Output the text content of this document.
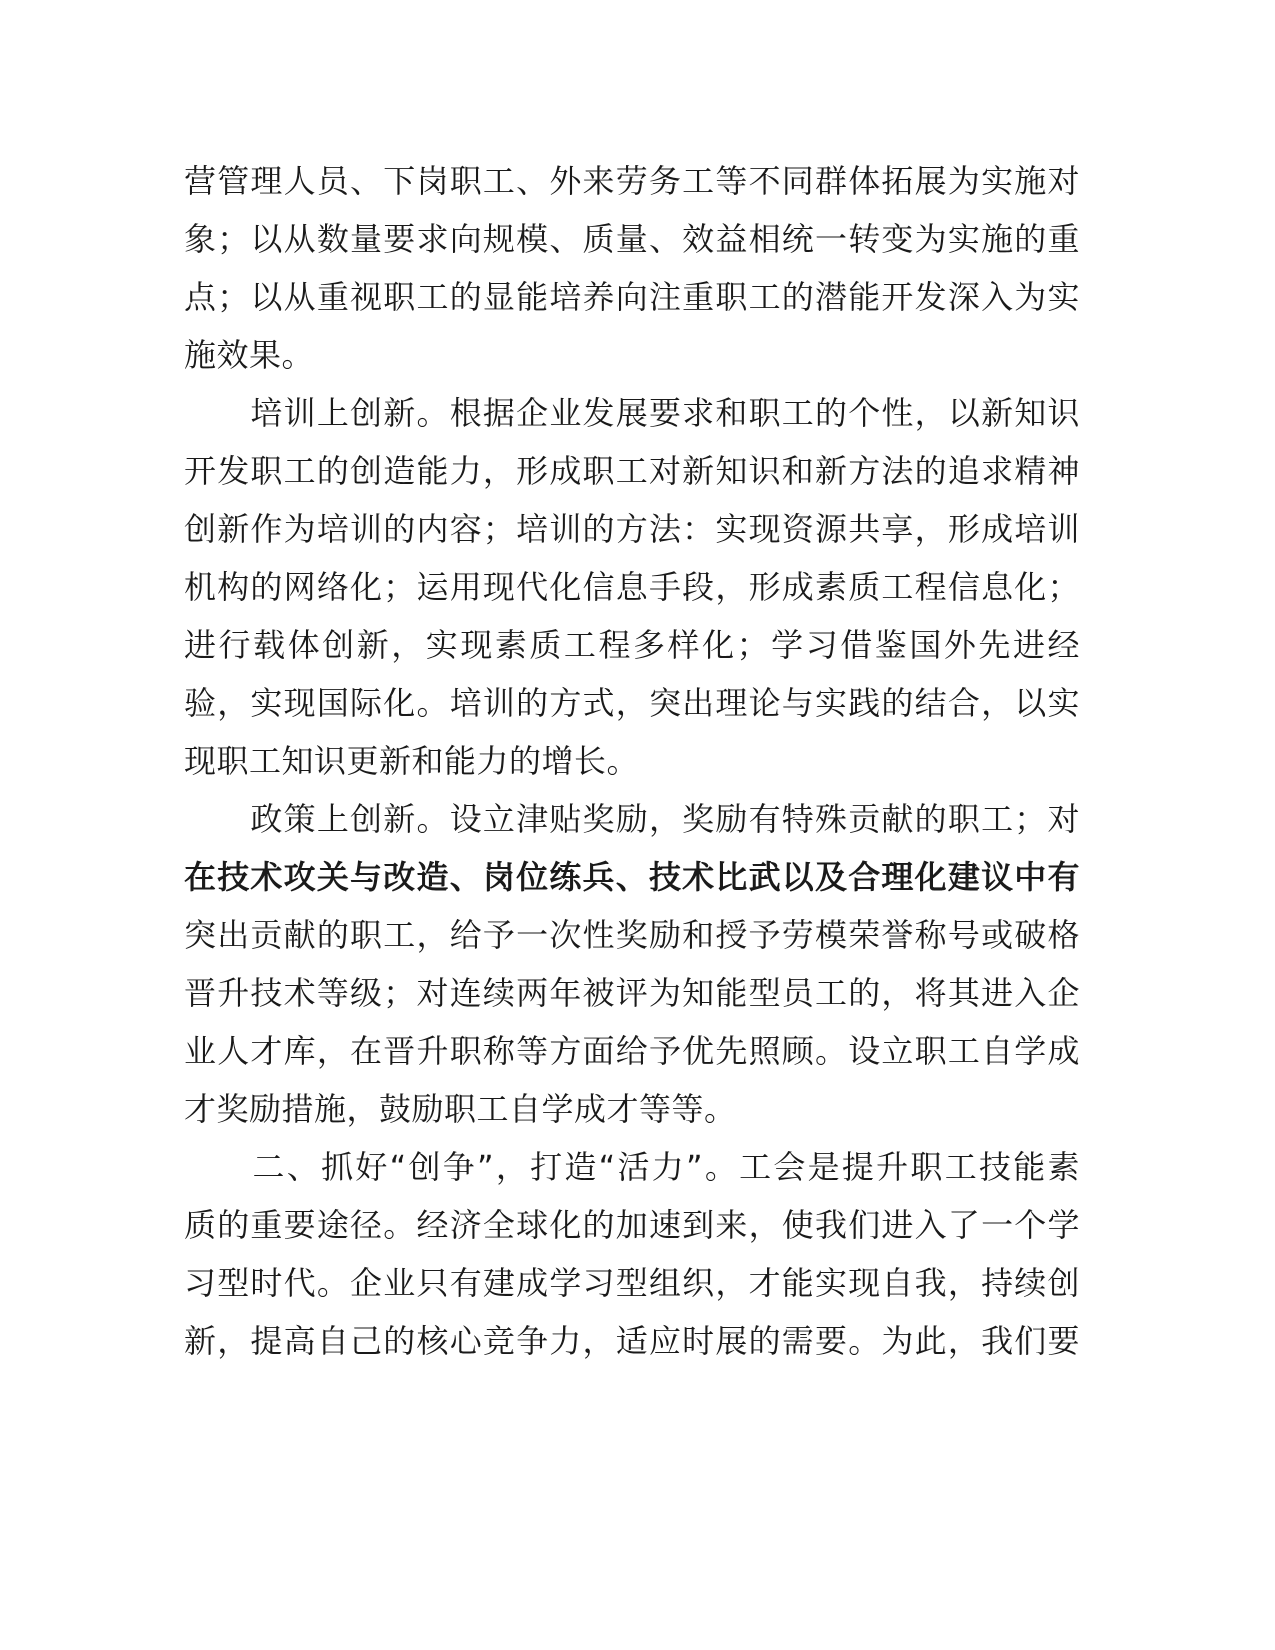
营管理人员、下岗职工、外来劳务工等不同群体拓展为实施对
象；以从数量要求向规模、质量、效益相统一转变为实施的重
点；以从重视职工的显能培养向注重职工的潜能开发深入为实
施效果。

　　培训上创新。根据企业发展要求和职工的个性，以新知识
开发职工的创造能力，形成职工对新知识和新方法的追求精神
创新作为培训的内容；培训的方法：实现资源共享，形成培训
机构的网络化；运用现代化信息手段，形成素质工程信息化；
进行载体创新，实现素质工程多样化；学习借鉴国外先进经
验，实现国际化。培训的方式，突出理论与实践的结合，以实
现职工知识更新和能力的增长。

　　政策上创新。设立津贴奖励，奖励有特殊贡献的职工；对
在技术攻关与改造、岗位练兵、技术比武以及合理化建议中有
突出贡献的职工，给予一次性奖励和授予劳模荣誉称号或破格
晋升技术等级；对连续两年被评为知能型员工的，将其进入企
业人才库，在晋升职称等方面给予优先照顾。设立职工自学成
才奖励措施，鼓励职工自学成才等等。

　　二、抓好“创争”，打造“活力”。工会是提升职工技能素
质的重要途径。经济全球化的加速到来，使我们进入了一个学
习型时代。企业只有建成学习型组织，才能实现自我，持续创
新，提高自己的核心竞争力，适应时展的需要。为此，我们要
